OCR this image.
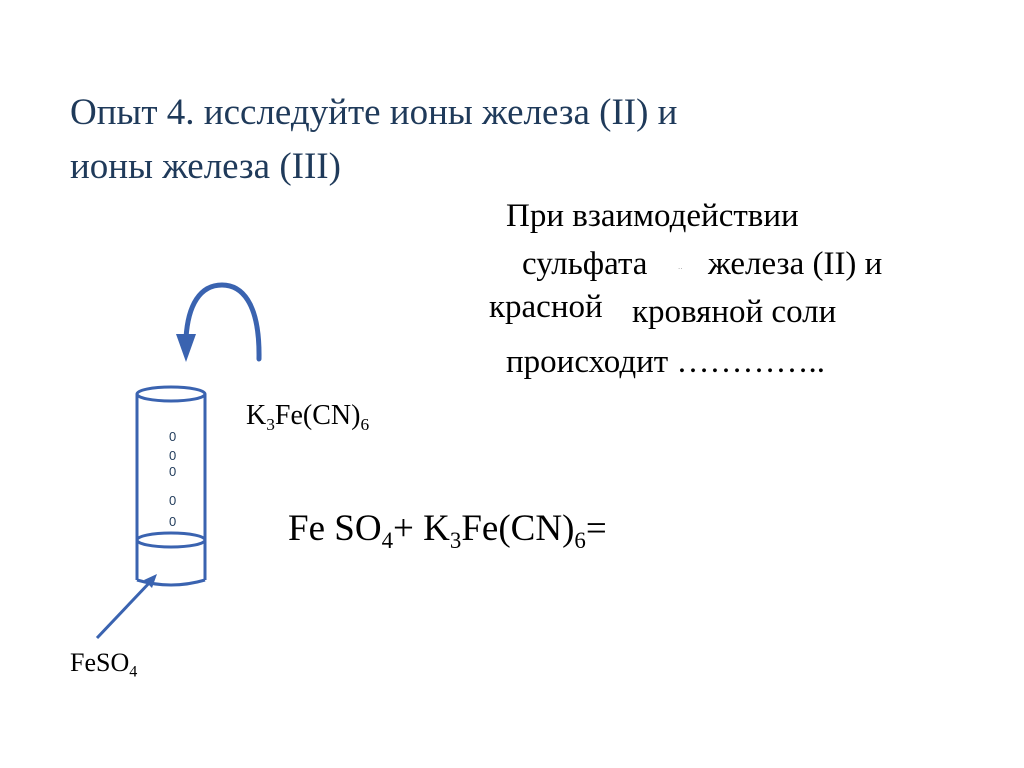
Опыт 4. исследуйте ионы железа (II) и
ионы железа (III)
При взаимодействии
сульфата	.. железа (II) и
красной кровяной соли
происходит …………..
0
0
0
0
0
$K_3Fe(CN)_6$
FeSO$_4$
Fe $SO_4+ K_3Fe(CN)_6=$
